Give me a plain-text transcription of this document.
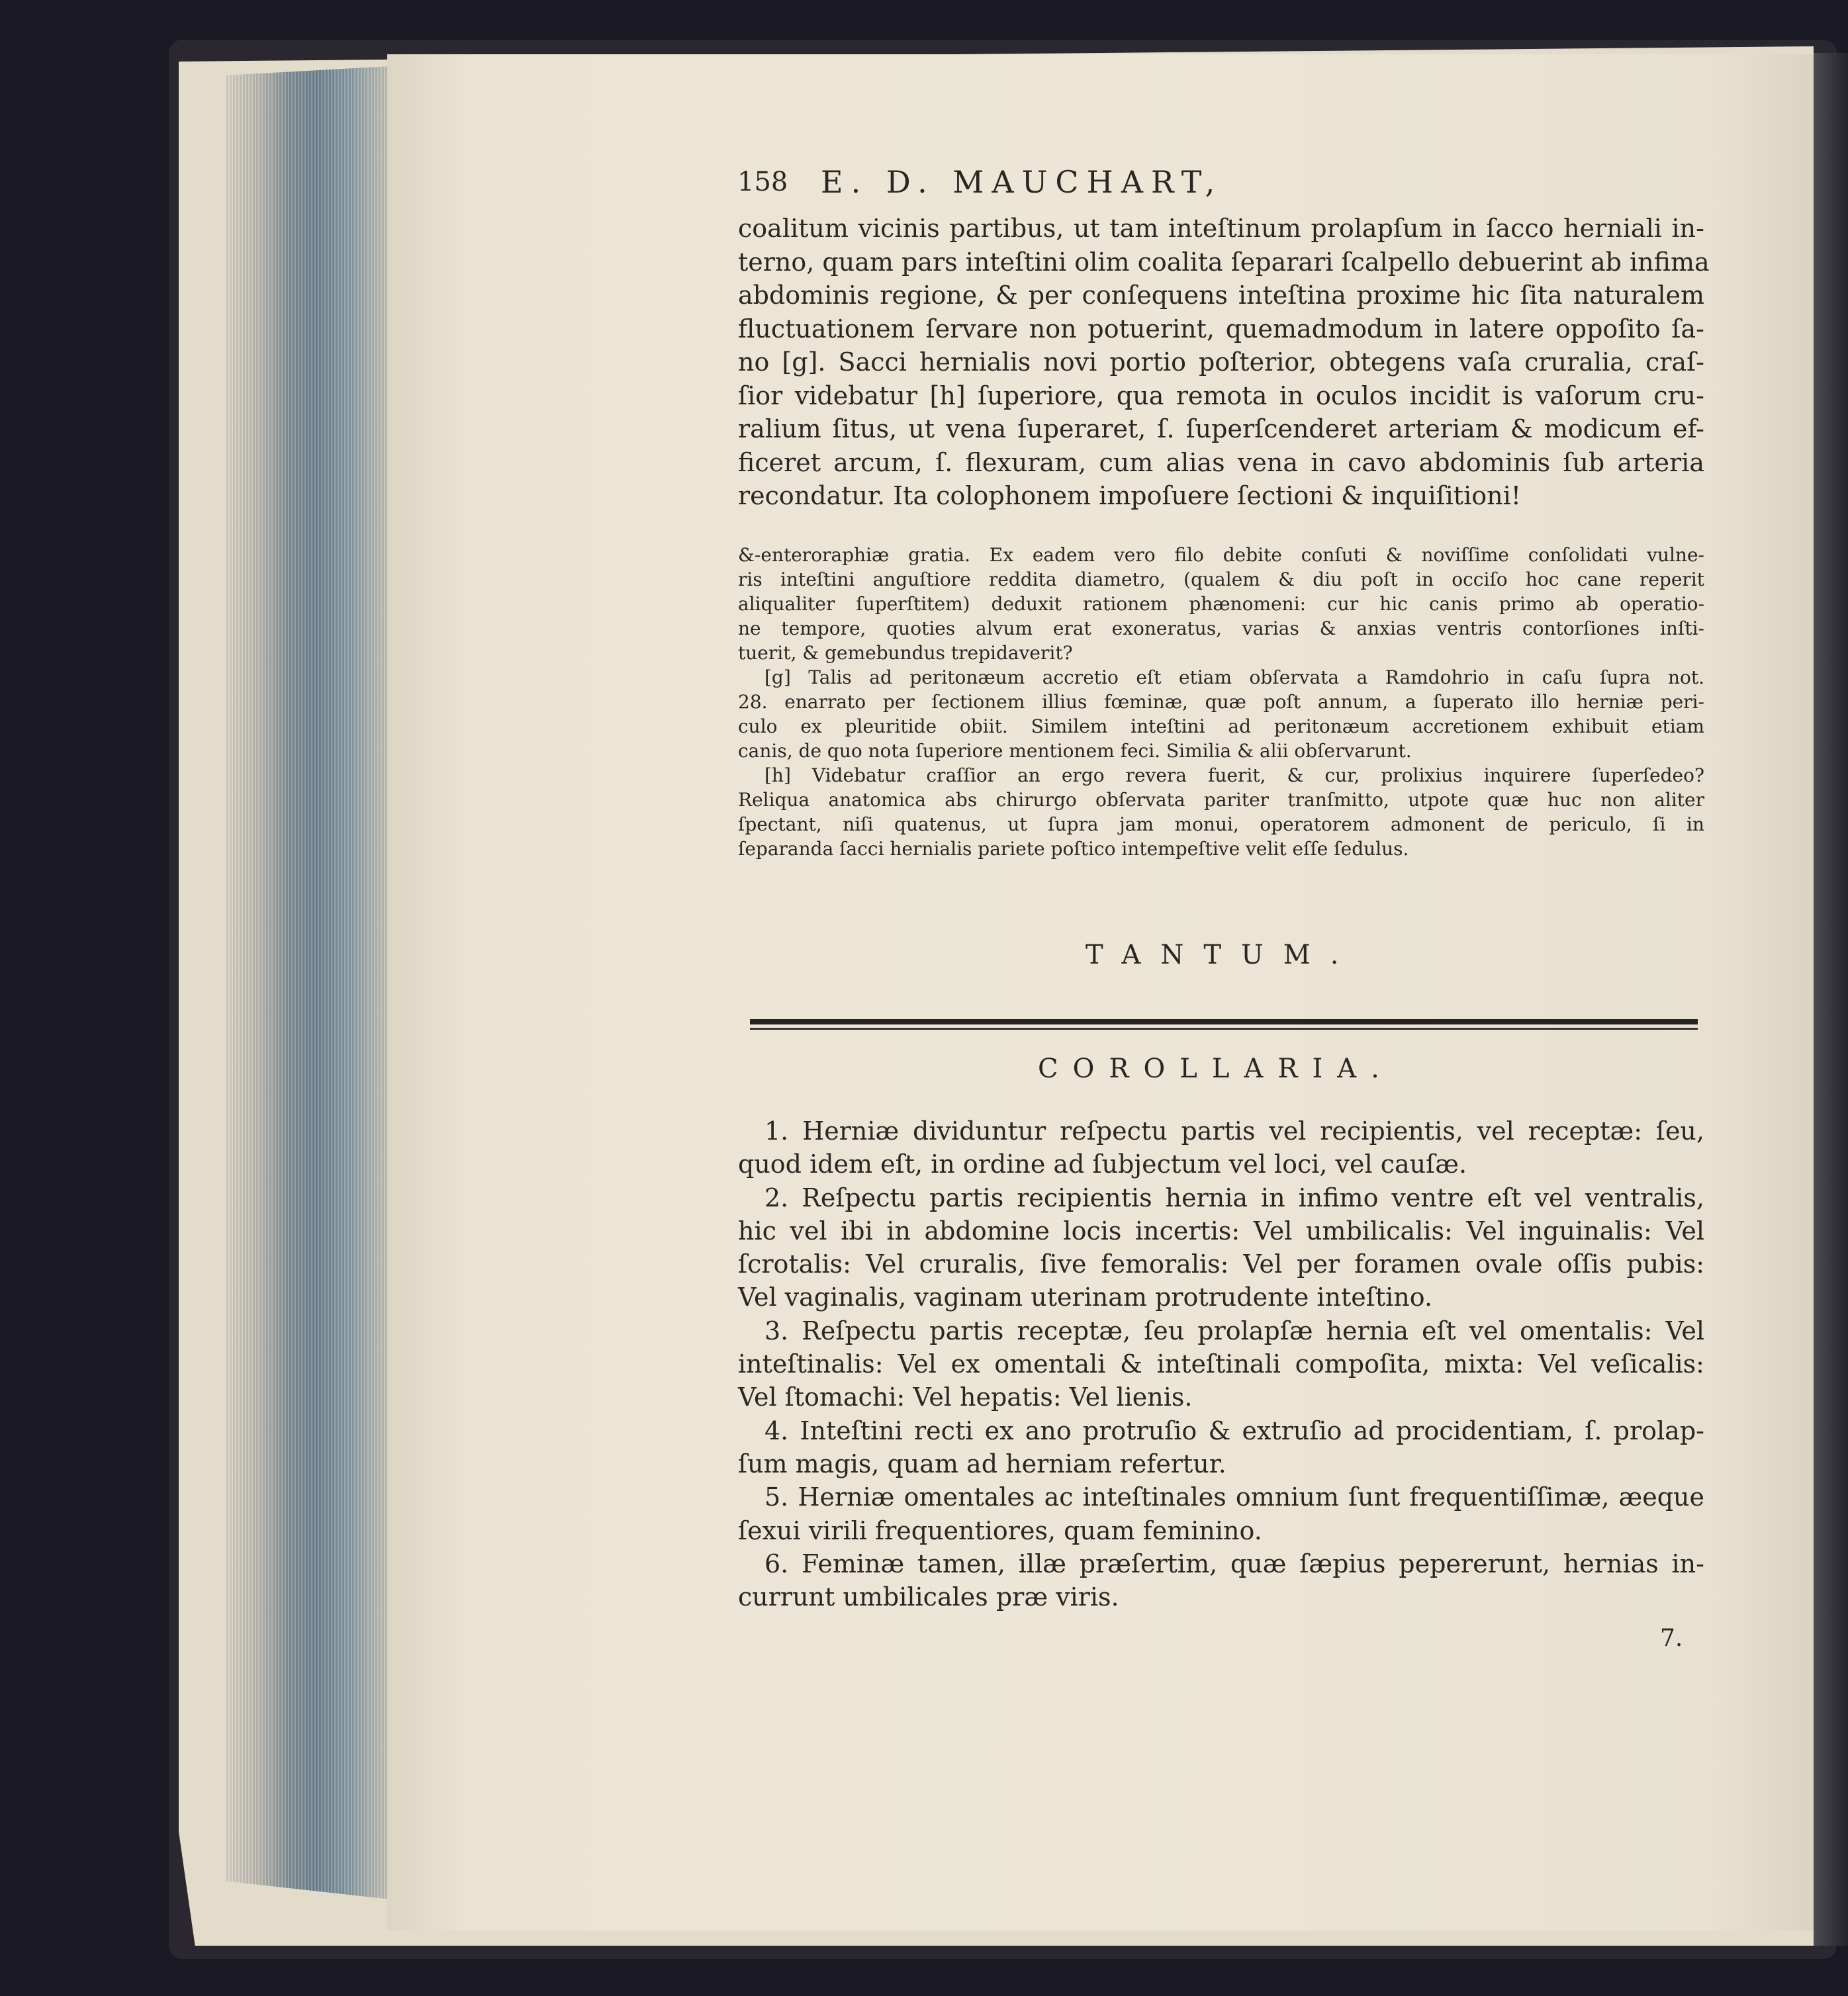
158 E. D. MAUCHART,
coalitum vicinis partibus, ut tam inteſtinum prolapſum in ſacco herniali in-
terno, quam pars inteſtini olim coalita ſeparari ſcalpello debuerint ab infima
abdominis regione, & per conſequens inteſtina proxime hic ſita naturalem
fluctuationem ſervare non potuerint, quemadmodum in latere oppoſito ſa-
no [g]. Sacci hernialis novi portio poſterior, obtegens vaſa cruralia, craſ-
ſior videbatur [h] ſuperiore, qua remota in oculos incidit is vaſorum cru-
ralium ſitus, ut vena ſuperaret, ſ. ſuperſcenderet arteriam & modicum ef-
ficeret arcum, ſ. flexuram, cum alias vena in cavo abdominis ſub arteria
recondatur. Ita colophonem impoſuere ſectioni & inquiſitioni!
&-enteroraphiæ gratia. Ex eadem vero filo debite conſuti & noviſſime conſolidati vulne-
ris inteſtini anguſtiore reddita diametro, (qualem & diu poſt in occiſo hoc cane reperit
aliqualiter ſuperſtitem) deduxit rationem phænomeni: cur hic canis primo ab operatio-
ne tempore, quoties alvum erat exoneratus, varias & anxias ventris contorſiones inſti-
tuerit, & gemebundus trepidaverit?
[g] Talis ad peritonæum accretio eſt etiam obſervata a Ramdohrio in caſu ſupra not.
28. enarrato per ſectionem illius fœminæ, quæ poſt annum, a ſuperato illo herniæ peri-
culo ex pleuritide obiit. Similem inteſtini ad peritonæum accretionem exhibuit etiam
canis, de quo nota ſuperiore mentionem feci. Similia & alii obſervarunt.
[h] Videbatur craſſior an ergo revera fuerit, & cur, prolixius inquirere ſuperſedeo?
Reliqua anatomica abs chirurgo obſervata pariter tranſmitto, utpote quæ huc non aliter
ſpectant, niſi quatenus, ut ſupra jam monui, operatorem admonent de periculo, ſi in
ſeparanda ſacci hernialis pariete poſtico intempeſtive velit eſſe ſedulus.
TANTUM.
COROLLARIA.
1. Herniæ dividuntur reſpectu partis vel recipientis, vel receptæ: ſeu,
quod idem eſt, in ordine ad ſubjectum vel loci, vel cauſæ.
2. Reſpectu partis recipientis hernia in infimo ventre eſt vel ventralis,
hic vel ibi in abdomine locis incertis: Vel umbilicalis: Vel inguinalis: Vel
ſcrotalis: Vel cruralis, ſive femoralis: Vel per foramen ovale oſſis pubis:
Vel vaginalis, vaginam uterinam protrudente inteſtino.
3. Reſpectu partis receptæ, ſeu prolapſæ hernia eſt vel omentalis: Vel
inteſtinalis: Vel ex omentali & inteſtinali compoſita, mixta: Vel veſicalis:
Vel ſtomachi: Vel hepatis: Vel lienis.
4. Inteſtini recti ex ano protruſio & extruſio ad procidentiam, ſ. prolap-
ſum magis, quam ad herniam refertur.
5. Herniæ omentales ac inteſtinales omnium ſunt frequentiſſimæ, æeque
ſexui virili frequentiores, quam feminino.
6. Feminæ tamen, illæ præſertim, quæ ſæpius pepererunt, hernias in-
currunt umbilicales præ viris.
7.
